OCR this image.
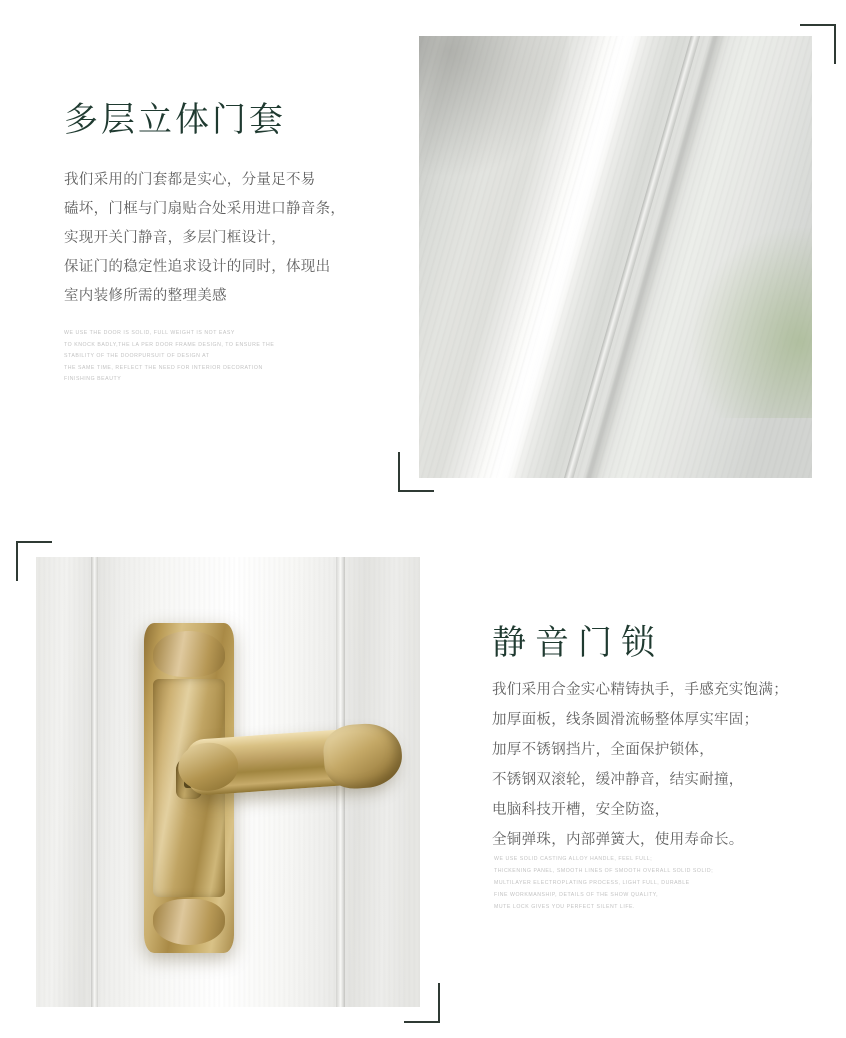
多层立体门套
我们采用的门套都是实心，分量足不易
磕坏，门框与门扇贴合处采用进口静音条，
实现开关门静音，多层门框设计，
保证门的稳定性追求设计的同时，体现出
室内装修所需的整理美感
WE USE THE DOOR IS SOLID, FULL WEIGHT IS NOT EASY
TO KNOCK BADLY,THE LA PER DOOR FRAME DESIGN, TO ENSURE THE
STABILITY OF THE DOORPURSUIT OF DESIGN AT
THE SAME TIME, REFLECT THE NEED FOR INTERIOR DECORATION
FINISHING BEAUTY
静音门锁
我们采用合金实心精铸执手，手感充实饱满；
加厚面板，线条圆滑流畅整体厚实牢固；
加厚不锈钢挡片，全面保护锁体，
不锈钢双滚轮，缓冲静音，结实耐撞，
电脑科技开槽，安全防盗，
全铜弹珠，内部弹簧大，使用寿命长。
WE USE SOLID CASTING ALLOY HANDLE, FEEL FULL;
THICKENING PANEL, SMOOTH LINES OF SMOOTH OVERALL SOLID SOLID;
MULTILAYER ELECTROPLATING PROCESS, LIGHT FULL, DURABLE
FINE WORKMANSHIP, DETAILS OF THE SHOW QUALITY,
MUTE LOCK GIVES YOU PERFECT SILENT LIFE.
